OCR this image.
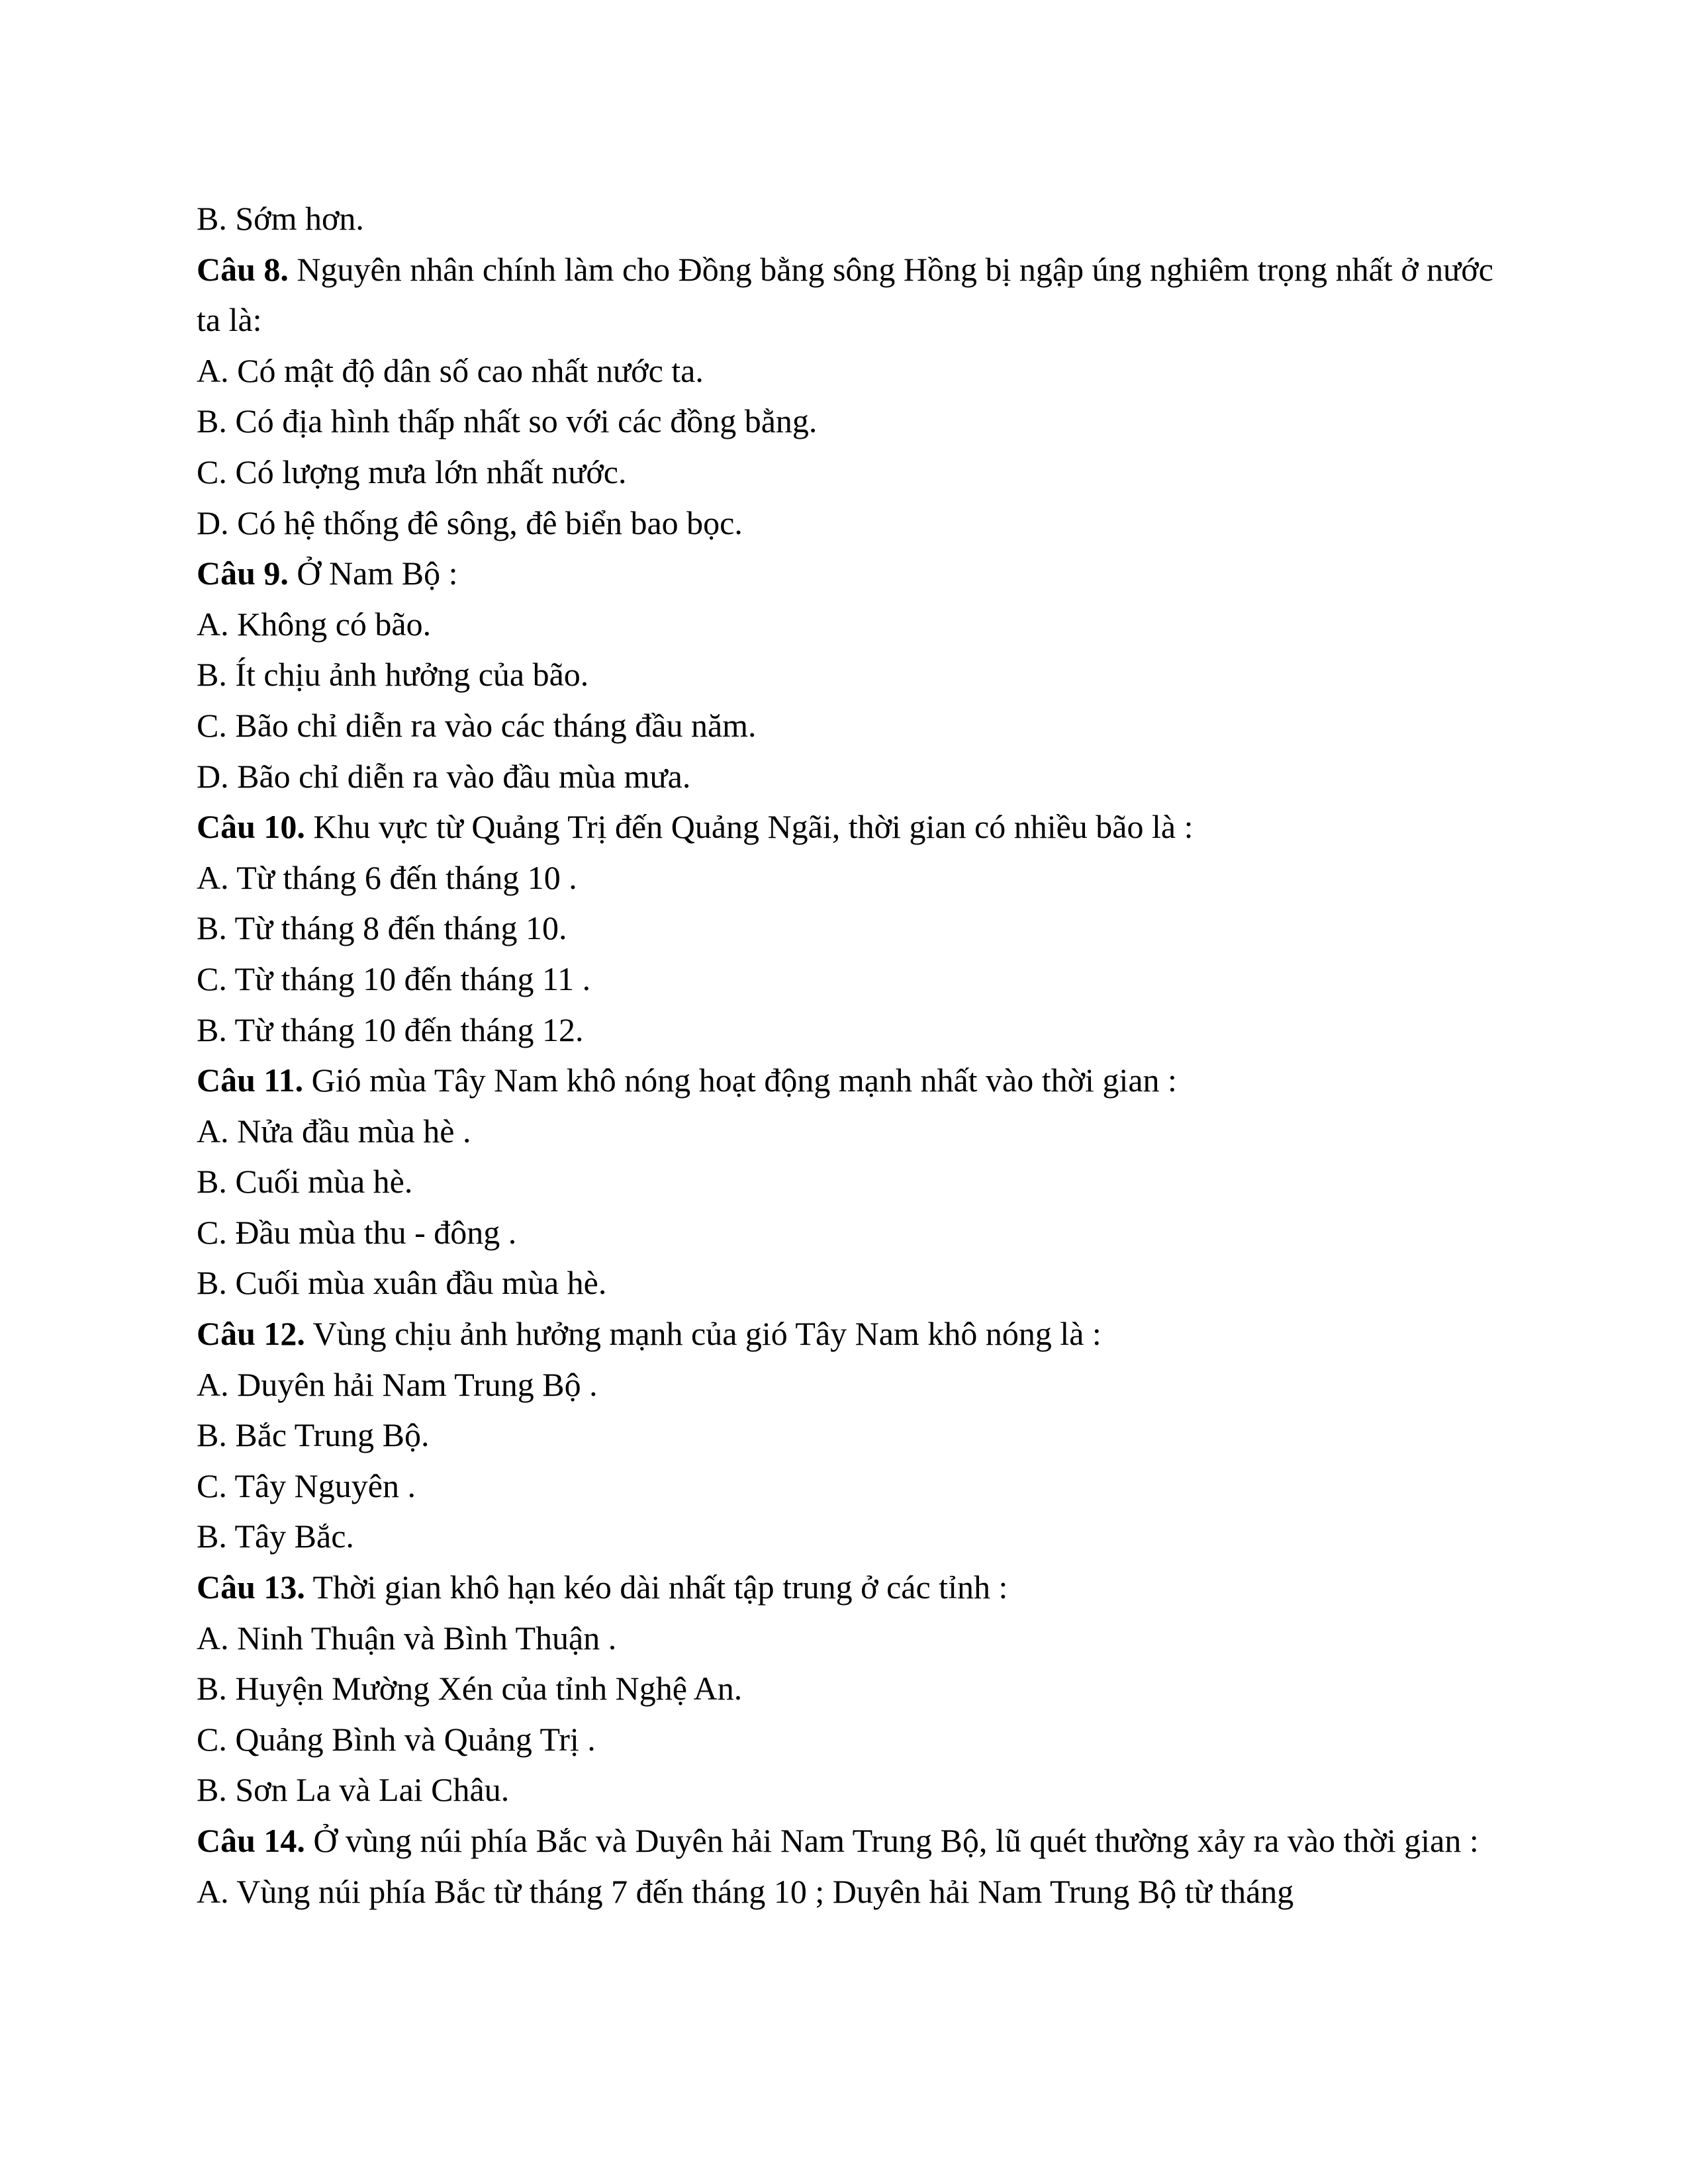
B. Sớm hơn.
Câu 8. Nguyên nhân chính làm cho Đồng bằng sông Hồng bị ngập úng nghiêm trọng nhất ở nước ta là:
A. Có mật độ dân số cao nhất nước ta.
B. Có địa hình thấp nhất so với các đồng bằng.
C. Có lượng mưa lớn nhất nước.
D. Có hệ thống đê sông, đê biển bao bọc.
Câu 9. Ở Nam Bộ :
A. Không có bão.
B. Ít chịu ảnh hưởng của bão.
C. Bão chỉ diễn ra vào các tháng đầu năm.
D. Bão chỉ diễn ra vào đầu mùa mưa.
Câu 10. Khu vực từ Quảng Trị đến Quảng Ngãi, thời gian có nhiều bão là :
A. Từ tháng 6 đến tháng 10 .
B. Từ tháng 8 đến tháng 10.
C. Từ tháng 10 đến tháng 11 .
B. Từ tháng 10 đến tháng 12.
Câu 11. Gió mùa Tây Nam khô nóng hoạt động mạnh nhất vào thời gian :
A. Nửa đầu mùa hè .
B. Cuối mùa hè.
C. Đầu mùa thu - đông .
B. Cuối mùa xuân đầu mùa hè.
Câu 12. Vùng chịu ảnh hưởng mạnh của gió Tây Nam khô nóng là :
A. Duyên hải Nam Trung Bộ .
B. Bắc Trung Bộ.
C. Tây Nguyên .
B. Tây Bắc.
Câu 13. Thời gian khô hạn kéo dài nhất tập trung ở các tỉnh :
A. Ninh Thuận và Bình Thuận .
B. Huyện Mường Xén của tỉnh Nghệ An.
C. Quảng Bình và Quảng Trị .
B. Sơn La và Lai Châu.
Câu 14. Ở vùng núi phía Bắc và Duyên hải Nam Trung Bộ, lũ quét thường xảy ra vào thời gian :
A. Vùng núi phía Bắc từ tháng 7 đến tháng 10 ; Duyên hải Nam Trung Bộ từ tháng
